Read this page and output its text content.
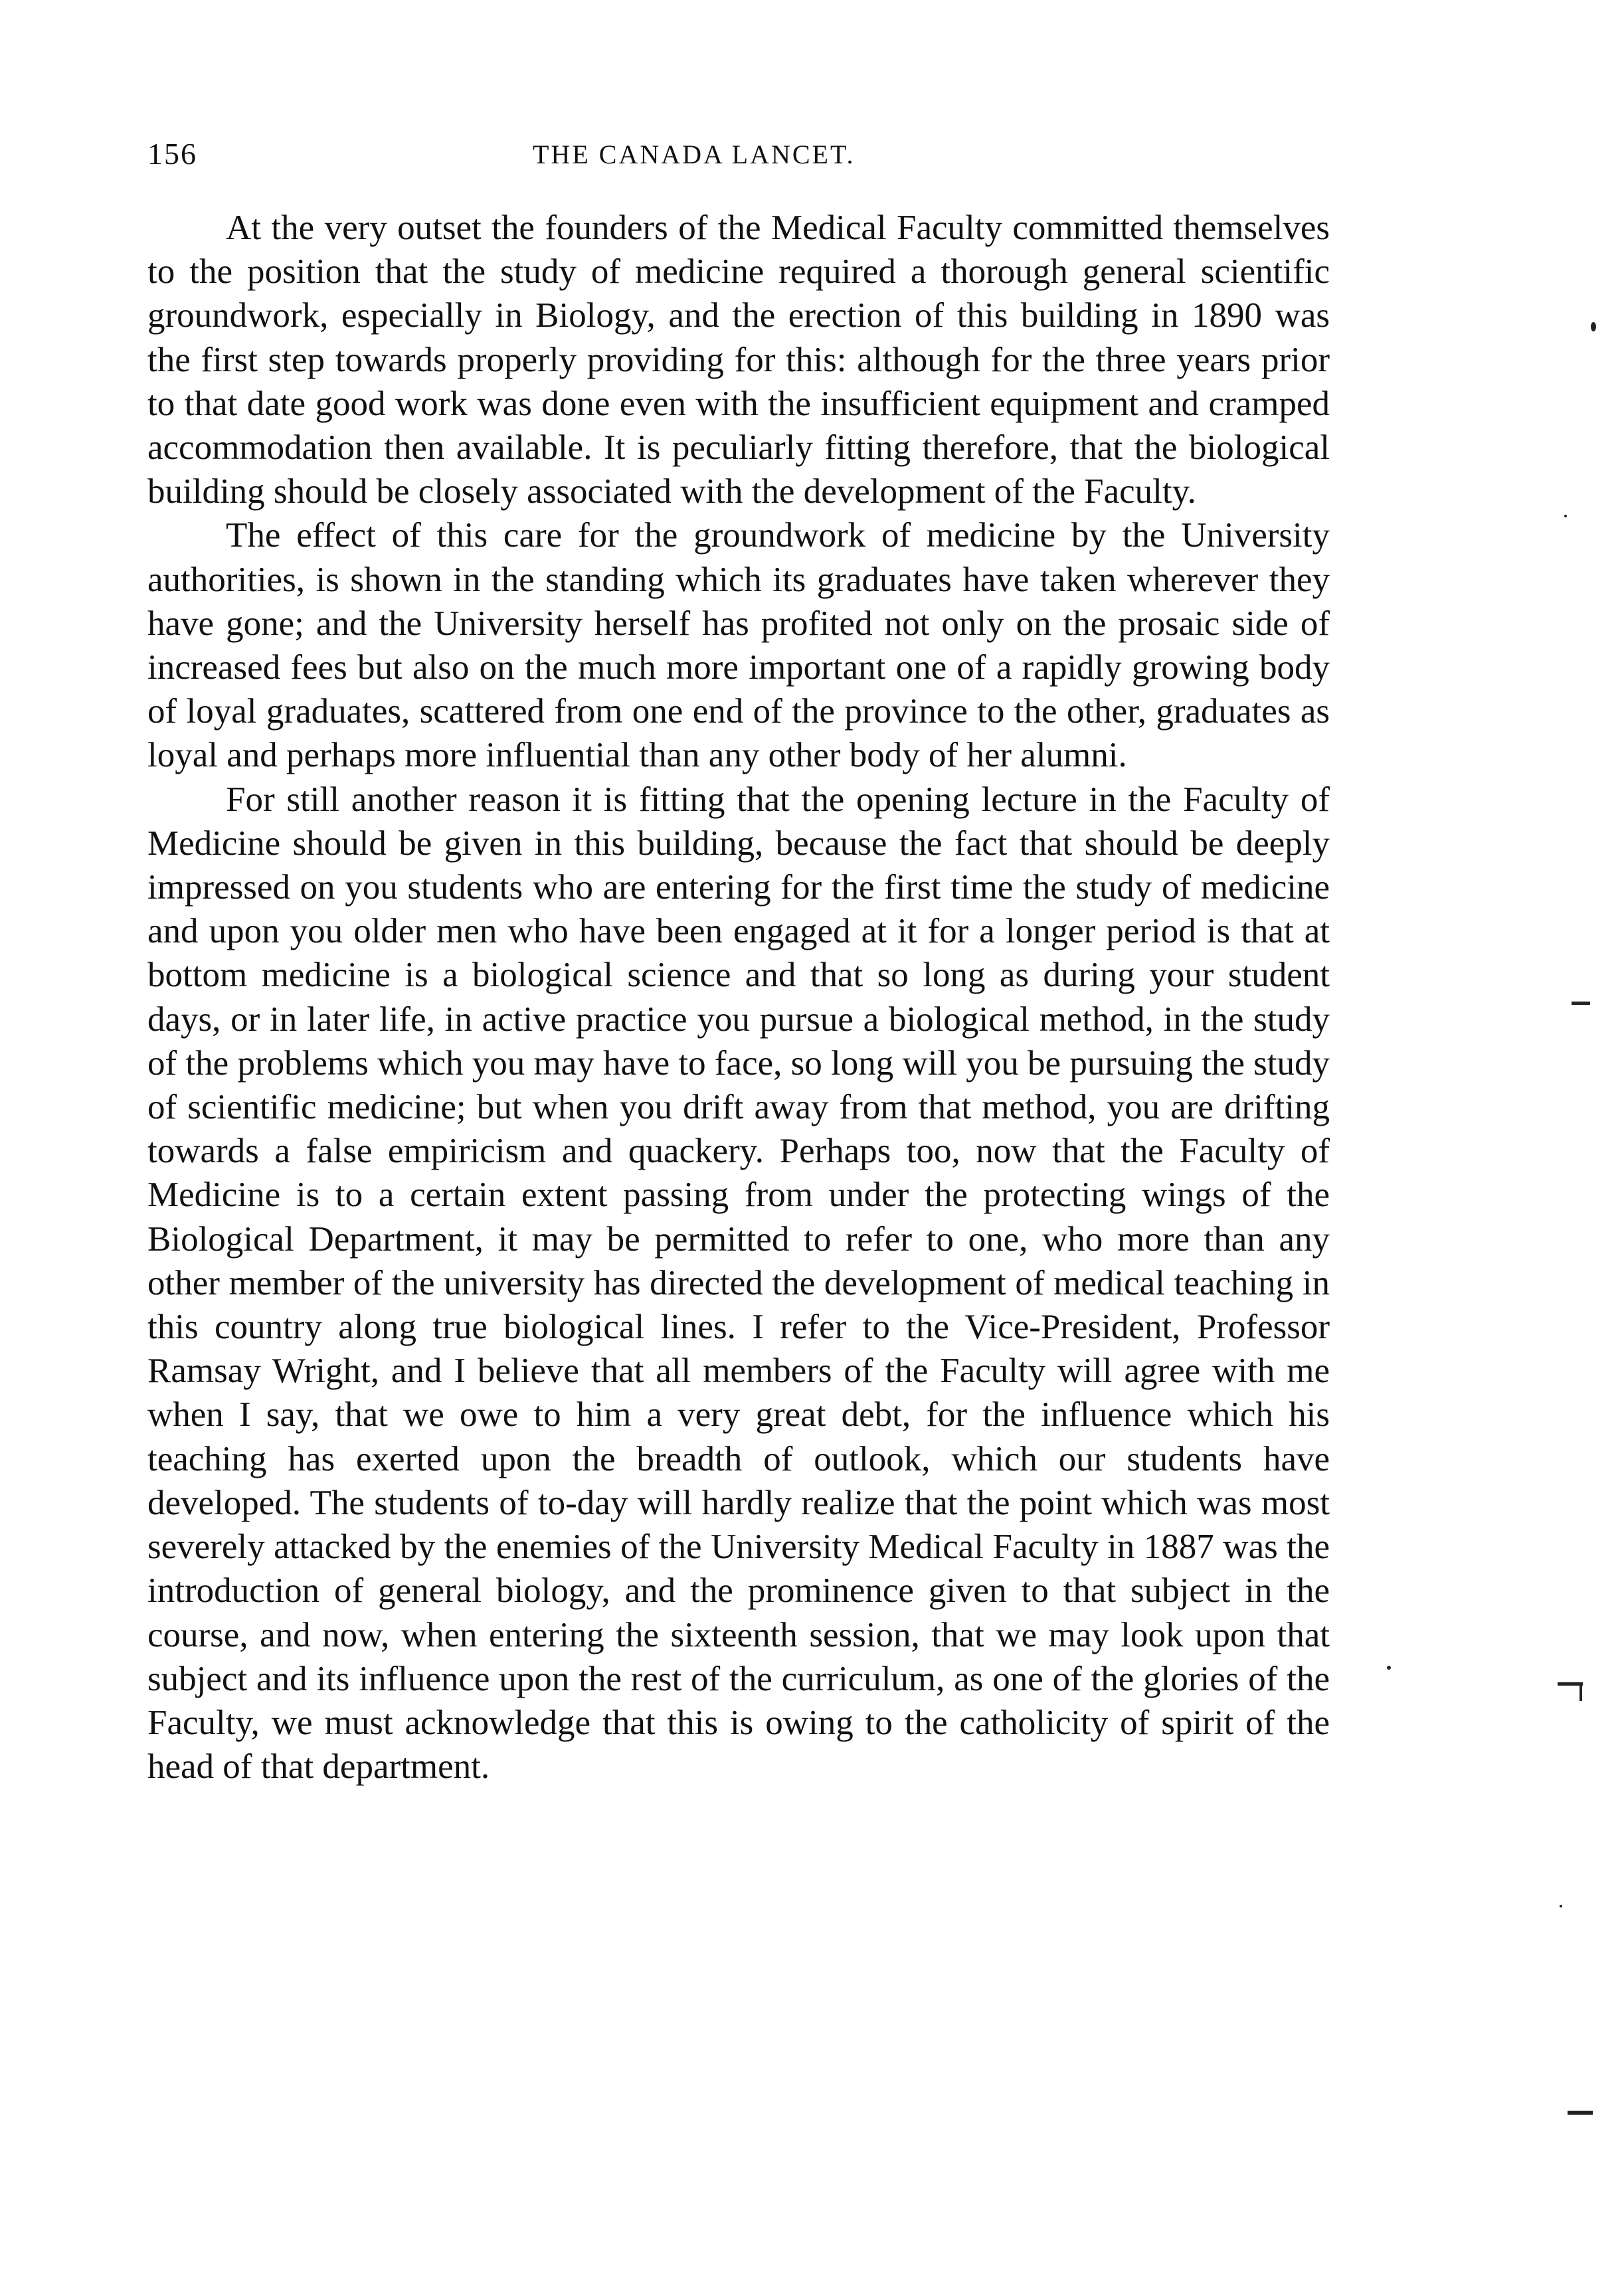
156	THE CANADA LANCET.

At the very outset the founders of the Medical Faculty committed themselves to the position that the study of medicine required a thorough general scientific groundwork, especially in Biology, and the erection of this building in 1890 was the first step towards properly providing for this: although for the three years prior to that date good work was done even with the insufficient equipment and cramped accommodation then available. It is peculiarly fitting therefore, that the biological building should be closely associated with the development of the Faculty.

The effect of this care for the groundwork of medicine by the University authorities, is shown in the standing which its graduates have taken wherever they have gone; and the University herself has profited not only on the prosaic side of increased fees but also on the much more important one of a rapidly growing body of loyal graduates, scattered from one end of the province to the other, graduates as loyal and perhaps more influential than any other body of her alumni.

For still another reason it is fitting that the opening lecture in the Faculty of Medicine should be given in this building, because the fact that should be deeply impressed on you students who are entering for the first time the study of medicine and upon you older men who have been engaged at it for a longer period is that at bottom medicine is a biological science and that so long as during your student days, or in later life, in active practice you pursue a biological method, in the study of the problems which you may have to face, so long will you be pursuing the study of scientific medicine; but when you drift away from that method, you are drifting towards a false empiricism and quackery. Perhaps too, now that the Faculty of Medicine is to a certain extent passing from under the protecting wings of the Biological Department, it may be permitted to refer to one, who more than any other member of the university has directed the development of medical teaching in this country along true biological lines. I refer to the Vice-President, Professor Ramsay Wright, and I believe that all members of the Faculty will agree with me when I say, that we owe to him a very great debt, for the influence which his teaching has exerted upon the breadth of outlook, which our students have developed. The students of to-day will hardly realize that the point which was most severely attacked by the enemies of the University Medical Faculty in 1887 was the introduction of general biology, and the prominence given to that subject in the course, and now, when entering the sixteenth session, that we may look upon that subject and its influence upon the rest of the curriculum, as one of the glories of the Faculty, we must acknowledge that this is owing to the catholicity of spirit of the head of that department.
